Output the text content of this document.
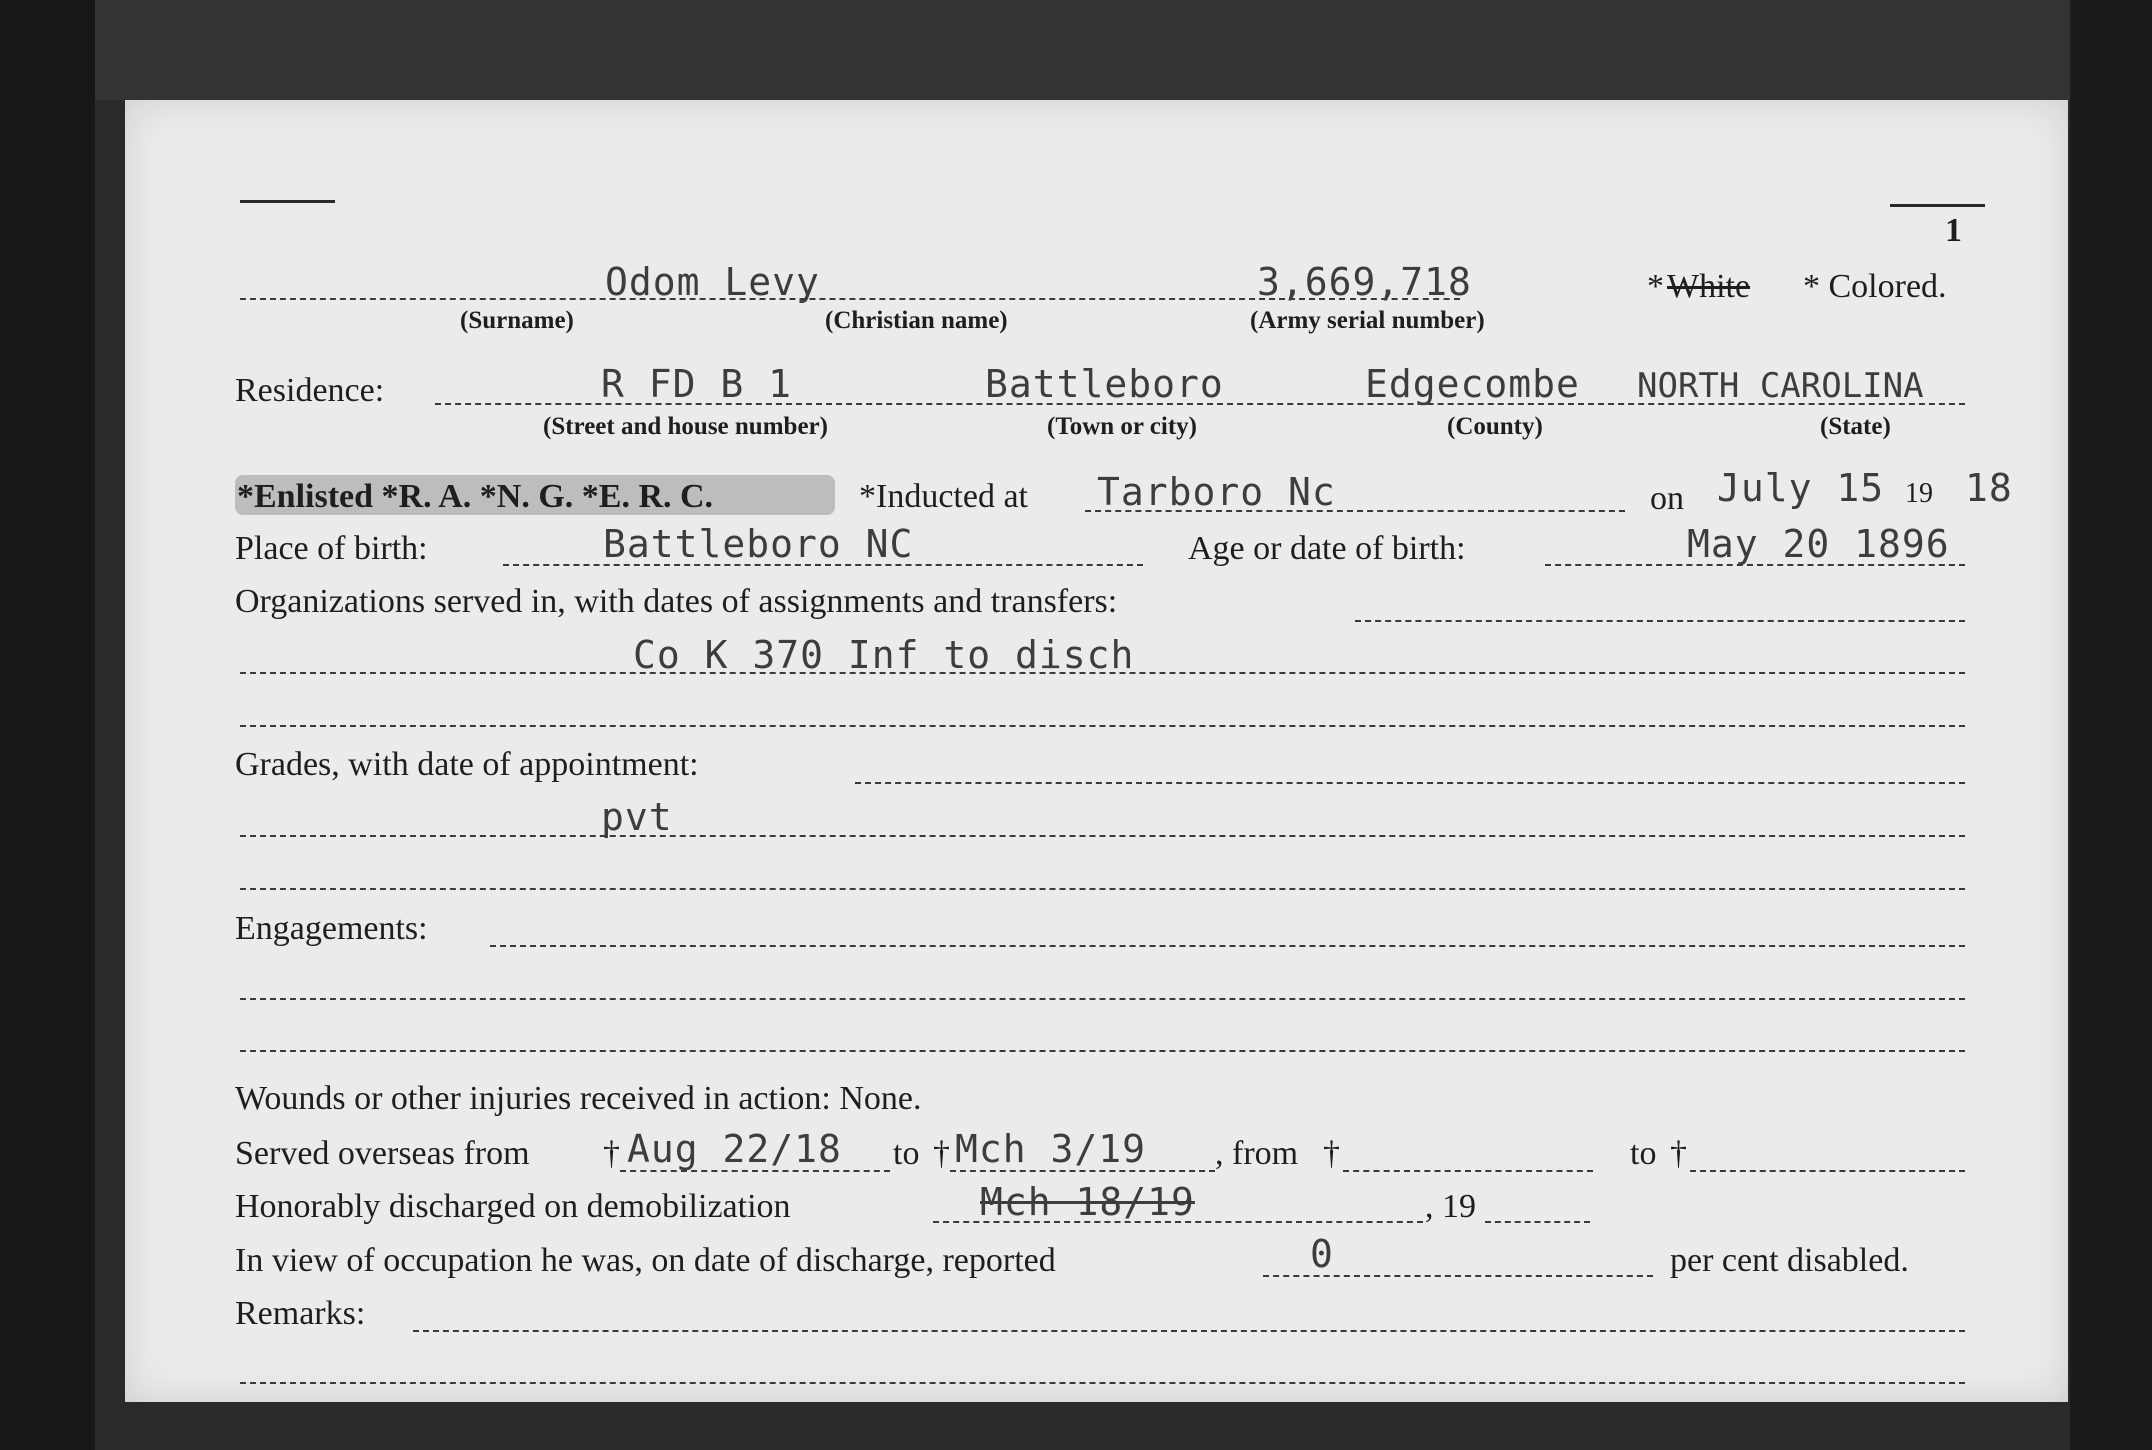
1
Odom Levy	3,669,718	* White * Colored.
(Surname)	(Christian name)	(Army serial number)
Residence:	R FD B 1	Battleboro	Edgecombe NORTH CAROLINA
(Street and house number)	(Town or city)	(County)	(State)
*Enlisted *R. A. *N. G. *E. R. C.	*Inducted at Tarboro Nc	on July 15 19 18
Place of birth:	Battleboro NC	Age or date of birth:	May 20 1896
Organizations served in, with dates of assignments and transfers:
Co K 370 Inf to disch
Grades, with date of appointment:
pvt
Engagements:
Wounds or other injuries received in action: None.
Served overseas from † Aug 22/18 to † Mch 3/19 , from †	to †
Honorably discharged on demobilization	Mch 18/19	, 19
In view of occupation he was, on date of discharge, reported	0	per cent disabled.
Remarks:
